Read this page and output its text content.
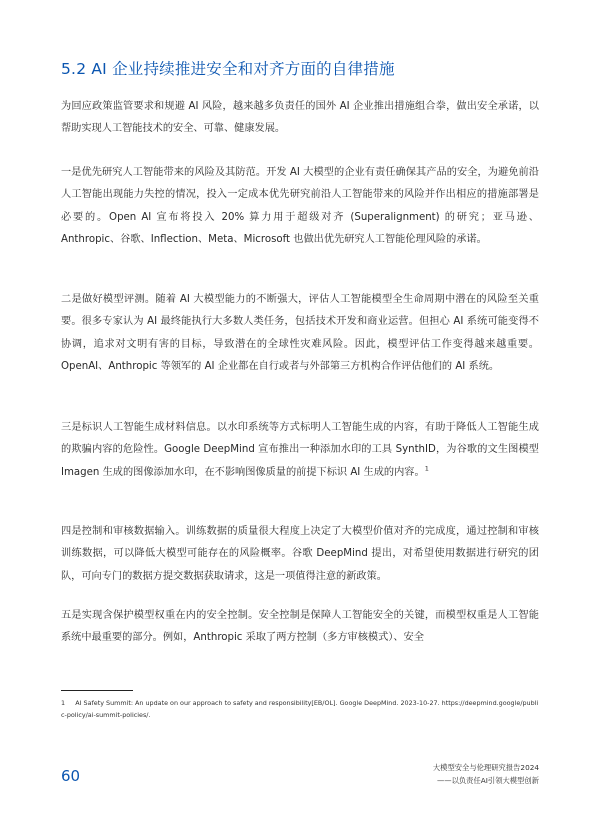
5.2 AI 企业持续推进安全和对齐方面的自律措施

为回应政策监管要求和规避 AI 风险，越来越多负责任的国外 AI 企业推出措施组合拳，做出安全承诺，以帮助实现人工智能技术的安全、可靠、健康发展。

一是优先研究人工智能带来的风险及其防范。开发 AI 大模型的企业有责任确保其产品的安全，为避免前沿人工智能出现能力失控的情况，投入一定成本优先研究前沿人工智能带来的风险并作出相应的措施部署是必要的。Open AI 宣布将投入 20% 算力用于超级对齐 (Superalignment) 的研究；亚马逊、Anthropic、谷歌、Inflection、Meta、Microsoft 也做出优先研究人工智能伦理风险的承诺。

二是做好模型评测。随着 AI 大模型能力的不断强大，评估人工智能模型全生命周期中潜在的风险至关重要。很多专家认为 AI 最终能执行大多数人类任务，包括技术开发和商业运营。但担心 AI 系统可能变得不协调，追求对文明有害的目标，导致潜在的全球性灾难风险。因此，模型评估工作变得越来越重要。OpenAI、Anthropic 等领军的 AI 企业都在自行或者与外部第三方机构合作评估他们的 AI 系统。

三是标识人工智能生成材料信息。以水印系统等方式标明人工智能生成的内容，有助于降低人工智能生成的欺骗内容的危险性。Google DeepMind 宣布推出一种添加水印的工具 SynthID，为谷歌的文生图模型 Imagen 生成的图像添加水印，在不影响图像质量的前提下标识 AI 生成的内容。$^1$

四是控制和审核数据输入。训练数据的质量很大程度上决定了大模型价值对齐的完成度，通过控制和审核训练数据，可以降低大模型可能存在的风险概率。谷歌 DeepMind 提出，对希望使用数据进行研究的团队，可向专门的数据方提交数据获取请求，这是一项值得注意的新政策。

五是实现含保护模型权重在内的安全控制。安全控制是保障人工智能安全的关键，而模型权重是人工智能系统中最重要的部分。例如，Anthropic 采取了两方控制（多方审核模式）、安全

1 AI Safety Summit: An update on our approach to safety and responsibility[EB/OL]. Google DeepMind. 2023-10-27. https://deepmind.google/public-policy/ai-summit-policies/.
60	大模型安全与伦理研究报告2024
——以负责任AI引领大模型创新
